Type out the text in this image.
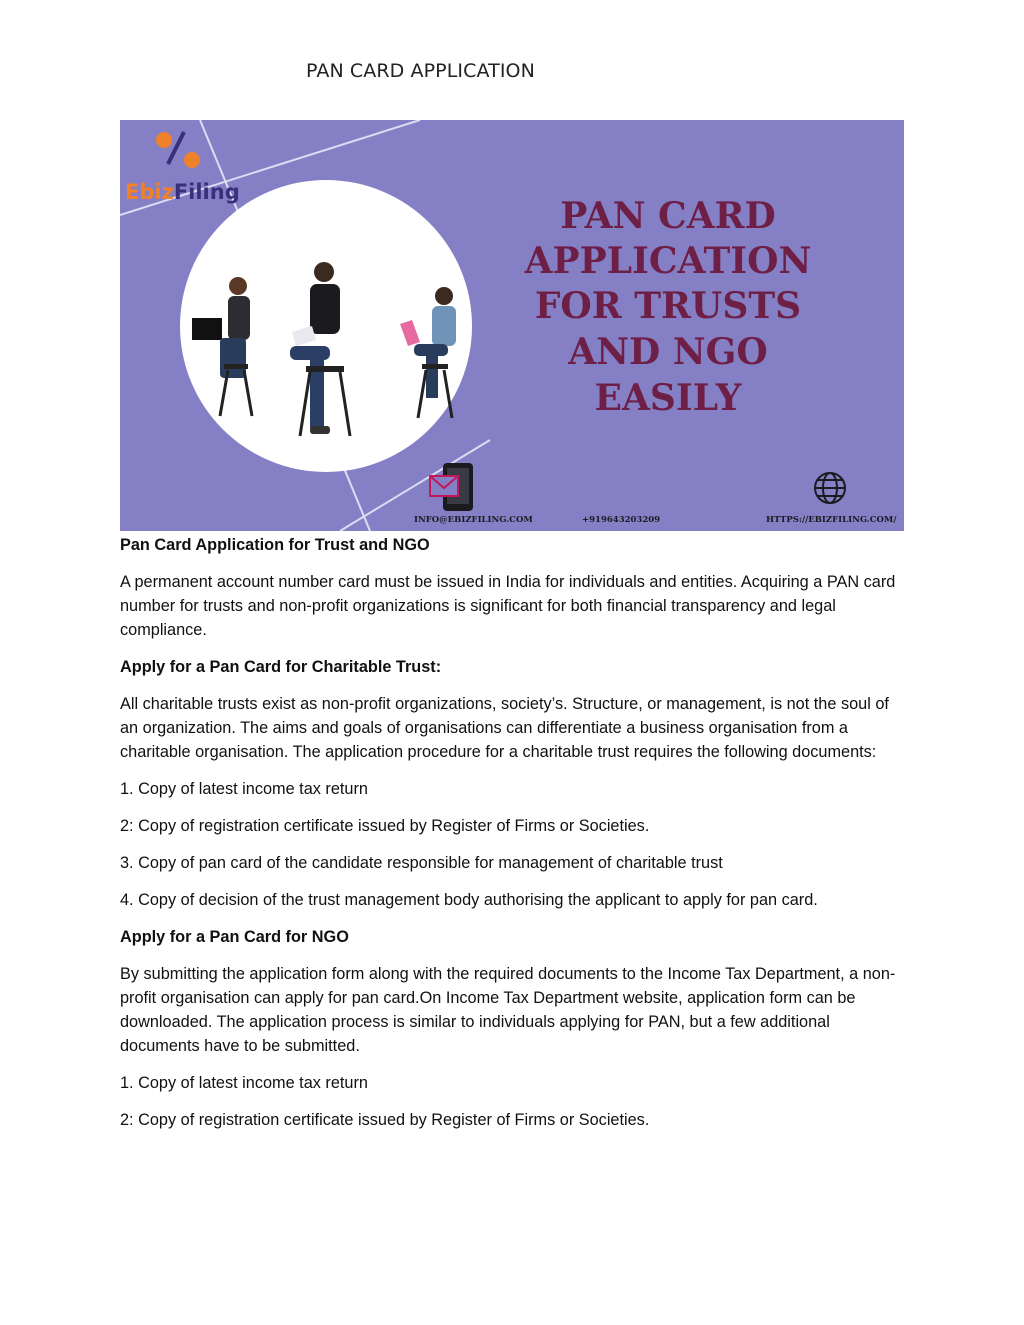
PAN CARD APPLICATION
EbizFiling
PAN CARD
APPLICATION
FOR TRUSTS
AND NGO
EASILY
INFO@EBIZFILING.COM	+919643203209	HTTPS://EBIZFILING.COM/

Pan Card Application for Trust and NGO

A permanent account number card must be issued in India for individuals and entities. Acquiring a PAN card number for trusts and non-profit organizations is significant for both financial transparency and legal compliance.

Apply for a Pan Card for Charitable Trust:

All charitable trusts exist as non-profit organizations, society’s. Structure, or management, is not the soul of an organization. The aims and goals of organisations can differentiate a business organisation from a charitable organisation. The application procedure for a charitable trust requires the following documents:

1. Copy of latest income tax return

2: Copy of registration certificate issued by Register of Firms or Societies.

3. Copy of pan card of the candidate responsible for management of charitable trust

4. Copy of decision of the trust management body authorising the applicant to apply for pan card.

Apply for a Pan Card for NGO

By submitting the application form along with the required documents to the Income Tax Department, a non-profit organisation can apply for pan card.On Income Tax Department website, application form can be downloaded. The application process is similar to individuals applying for PAN, but a few additional documents have to be submitted.

1. Copy of latest income tax return

2: Copy of registration certificate issued by Register of Firms or Societies.
